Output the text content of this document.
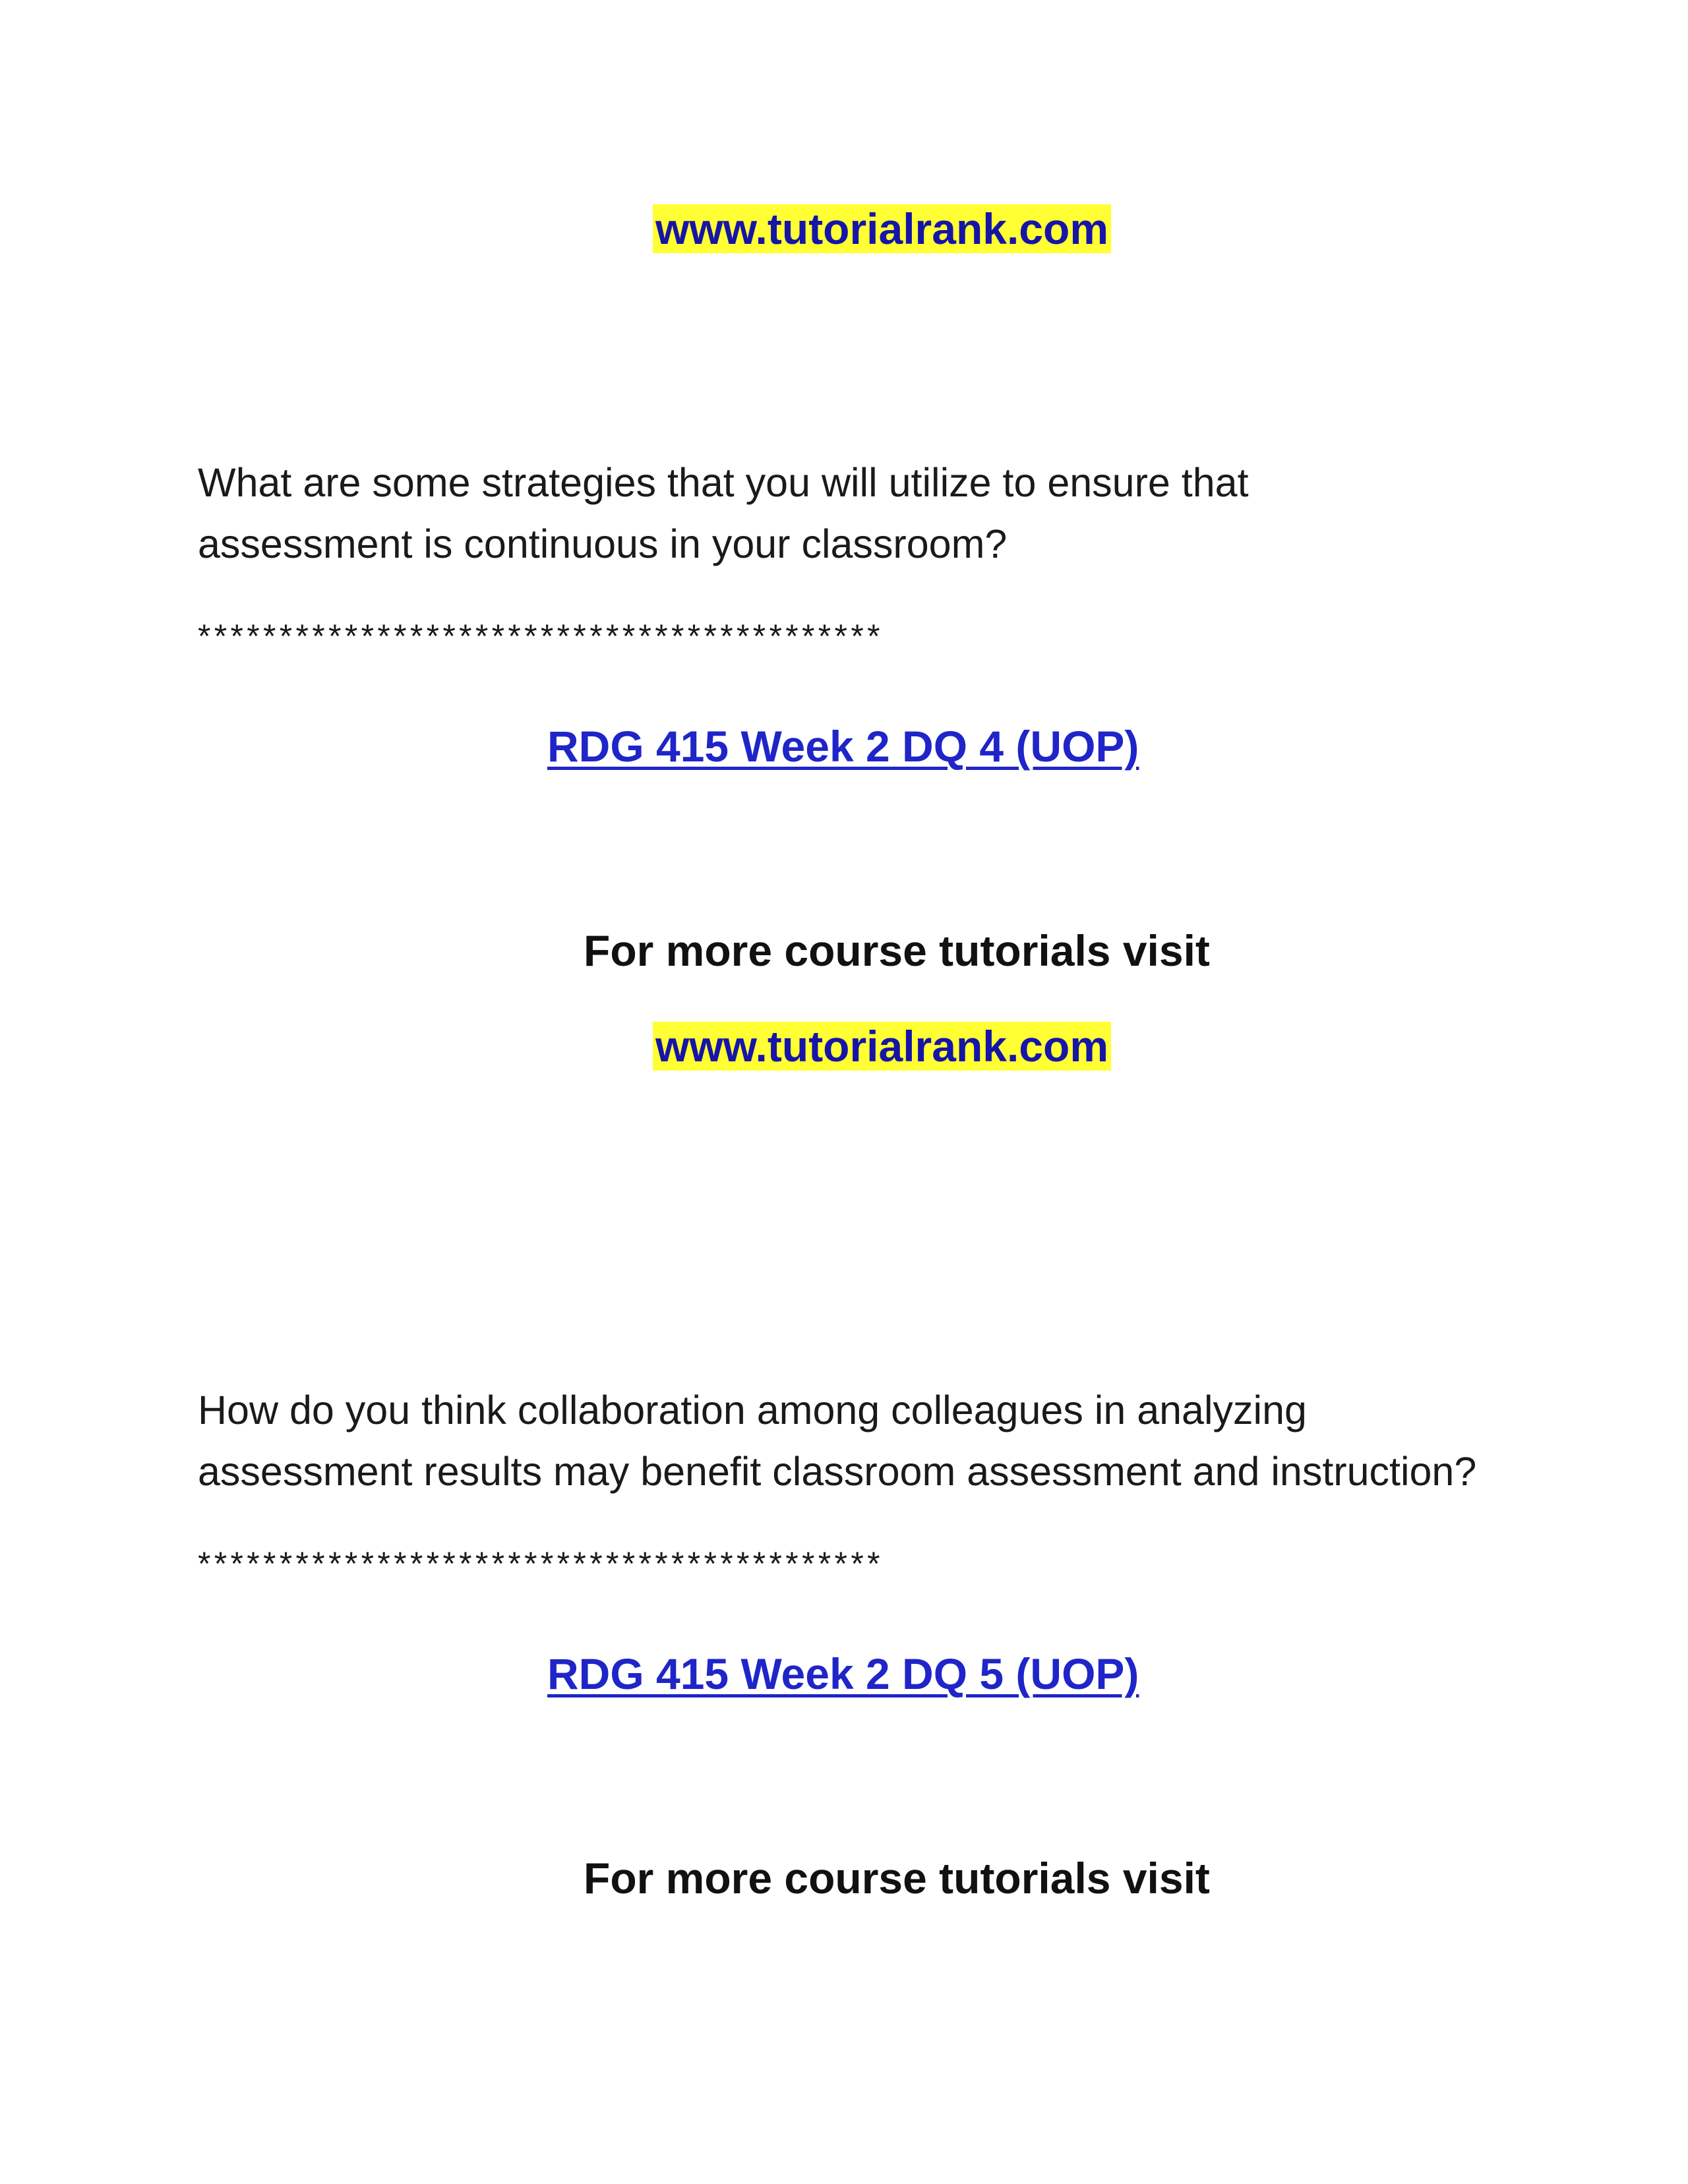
www.tutorialrank.com
What are some strategies that you will utilize to ensure that
assessment is continuous in your classroom?
******************************************
RDG 415 Week 2 DQ 4 (UOP)
For more course tutorials visit
www.tutorialrank.com
How do you think collaboration among colleagues in analyzing
assessment results may benefit classroom assessment and instruction?
******************************************
RDG 415 Week 2 DQ 5 (UOP)
For more course tutorials visit
